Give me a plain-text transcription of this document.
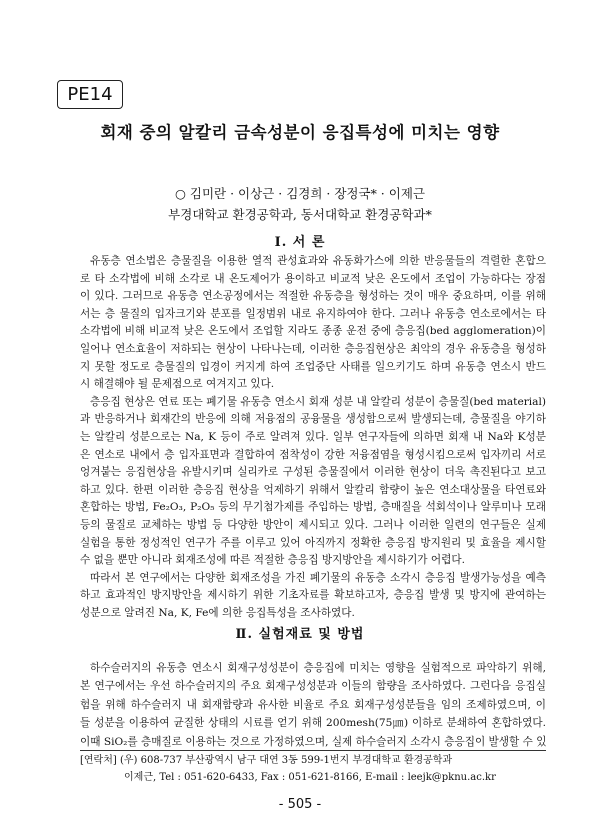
PE14
회재 중의 알칼리 금속성분이 응집특성에 미치는 영향
○ 김미란 · 이상근 · 김경희 · 장정국* · 이제근
부경대학교 환경공학과, 동서대학교 환경공학과*
Ⅰ. 서 론
유동층 연소법은 층물질을 이용한 열적 관성효과와 유동화가스에 의한 반응물들의 격렬한 혼합으
로 타 소각법에 비해 소각로 내 온도제어가 용이하고 비교적 낮은 온도에서 조업이 가능하다는 장점
이 있다. 그러므로 유동층 연소공정에서는 적절한 유동층을 형성하는 것이 매우 중요하며, 이를 위해
서는 층 물질의 입자크기와 분포를 일정범위 내로 유지하여야 한다. 그러나 유동층 연소로에서는 타
소각법에 비해 비교적 낮은 온도에서 조업할 지라도 종종 운전 중에 층응집(bed agglomeration)이
일어나 연소효율이 저하되는 현상이 나타나는데, 이러한 층응집현상은 최악의 경우 유동층을 형성하
지 못할 정도로 층물질의 입경이 커지게 하여 조업중단 사태를 일으키기도 하며 유동층 연소시 반드
시 해결해야 될 문제점으로 여겨지고 있다.
층응집 현상은 연료 또는 폐기물 유동층 연소시 회재 성분 내 알칼리 성분이 층물질(bed material)
과 반응하거나 회재간의 반응에 의해 저융점의 공융물을 생성함으로써 발생되는데, 층물질을 야기하
는 알칼리 성분으로는 Na, K 등이 주로 알려져 있다. 일부 연구자들에 의하면 회재 내 Na와 K성분
은 연소로 내에서 층 입자표면과 결합하여 점착성이 강한 저융점염을 형성시킴으로써 입자끼리 서로
엉겨붙는 응집현상을 유발시키며 실리카로 구성된 층물질에서 이러한 현상이 더욱 촉진된다고 보고
하고 있다. 한편 이러한 층응집 현상을 억제하기 위해서 알칼리 함량이 높은 연소대상물을 타연료와
혼합하는 방법, Fe₂O₃, P₂O₅ 등의 무기첨가제를 주입하는 방법, 층매질을 석회석이나 알루미나 모래
등의 물질로 교체하는 방법 등 다양한 방안이 제시되고 있다. 그러나 이러한 일련의 연구들은 실제
실험을 통한 정성적인 연구가 주를 이루고 있어 아직까지 정확한 층응집 방지원리 및 효율을 제시할
수 없을 뿐만 아니라 회재조성에 따른 적절한 층응집 방지방안을 제시하기가 어렵다.
따라서 본 연구에서는 다양한 회재조성을 가진 폐기물의 유동층 소각시 층응집 발생가능성을 예측
하고 효과적인 방지방안을 제시하기 위한 기초자료를 확보하고자, 층응집 발생 및 방지에 관여하는
성분으로 알려진 Na, K, Fe에 의한 응집특성을 조사하였다.
Ⅱ. 실험재료 및 방법
하수슬러지의 유동층 연소시 회재구성성분이 층응집에 미치는 영향을 실험적으로 파악하기 위해,
본 연구에서는 우선 하수슬러지의 주요 회재구성성분과 이들의 함량을 조사하였다. 그런다음 응집실
험을 위해 하수슬러지 내 회재함량과 유사한 비율로 주요 회재구성성분들을 임의 조제하였으며, 이
들 성분을 이용하여 균질한 상태의 시료를 얻기 위해 200mesh(75㎛) 이하로 분쇄하여 혼합하였다.
이때 SiO₂를 층매질로 이용하는 것으로 가정하였으며, 실제 하수슬러지 소각시 층응집이 발생할 수 있
[연락처] (우) 608-737 부산광역시 남구 대연 3동 599-1번지 부경대학교 환경공학과
이제근, Tel : 051-620-6433, Fax : 051-621-8166, E-mail : leejk@pknu.ac.kr
- 505 -
